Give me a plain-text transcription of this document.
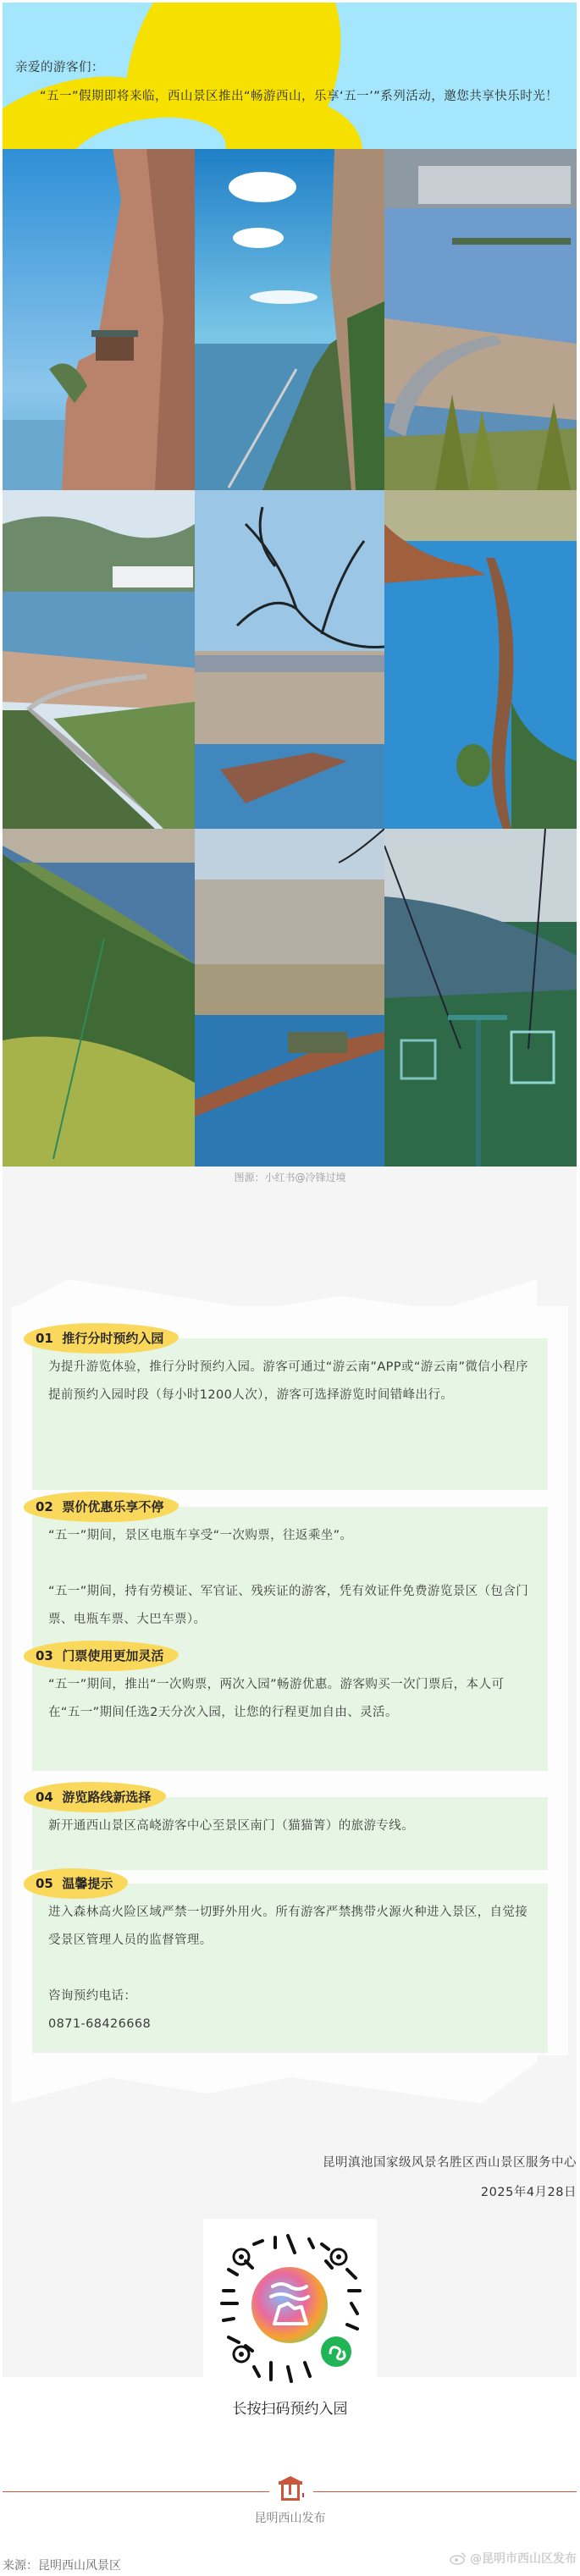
亲爱的游客们：

“五一”假期即将来临，西山景区推出“畅游西山，乐享‘五一’”系列活动，邀您共享快乐时光！

图源：小红书@冷锋过境
01 推行分时预约入园

为提升游览体验，推行分时预约入园。游客可通过“游云南”APP或“游云南”微信小程序提前预约入园时段（每小时1200人次），游客可选择游览时间错峰出行。

02 票价优惠乐享不停

“五一”期间，景区电瓶车享受“一次购票，往返乘坐”。

“五一”期间，持有劳模证、军官证、残疾证的游客，凭有效证件免费游览景区（包含门票、电瓶车票、大巴车票）。

03 门票使用更加灵活

“五一”期间，推出“一次购票，两次入园”畅游优惠。游客购买一次门票后，本人可在“五一”期间任选2天分次入园，让您的行程更加自由、灵活。

04 游览路线新选择

新开通西山景区高峣游客中心至景区南门（猫猫箐）的旅游专线。

05 温馨提示

进入森林高火险区域严禁一切野外用火。所有游客严禁携带火源火种进入景区，自觉接受景区管理人员的监督管理。

咨询预约电话：

0871-68426668

昆明滇池国家级风景名胜区西山景区服务中心
2025年4月28日
长按扫码预约入园
昆明西山发布
来源：昆明西山风景区	@昆明市西山区发布
